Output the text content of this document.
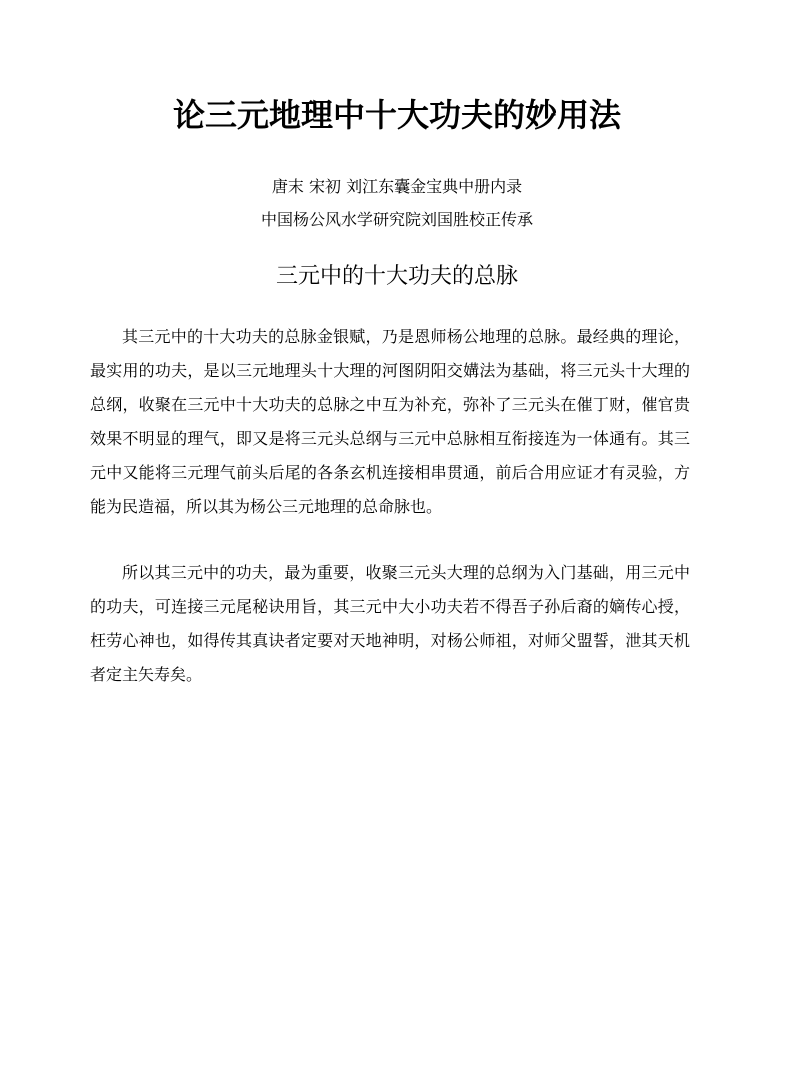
论三元地理中十大功夫的妙用法
唐末 宋初 刘江东囊金宝典中册内录
中国杨公风水学研究院刘国胜校正传承
三元中的十大功夫的总脉

其三元中的十大功夫的总脉金银赋，乃是恩师杨公地理的总脉。最经典的理论，最实用的功夫，是以三元地理头十大理的河图阴阳交媾法为基础，将三元头十大理的总纲，收聚在三元中十大功夫的总脉之中互为补充，弥补了三元头在催丁财，催官贵效果不明显的理气，即又是将三元头总纲与三元中总脉相互衔接连为一体通有。其三元中又能将三元理气前头后尾的各条玄机连接相串贯通，前后合用应证才有灵验，方能为民造福，所以其为杨公三元地理的总命脉也。

所以其三元中的功夫，最为重要，收聚三元头大理的总纲为入门基础，用三元中的功夫，可连接三元尾秘诀用旨，其三元中大小功夫若不得吾子孙后裔的嫡传心授，枉劳心神也，如得传其真诀者定要对天地神明，对杨公师祖，对师父盟誓，泄其天机者定主矢寿矣。
